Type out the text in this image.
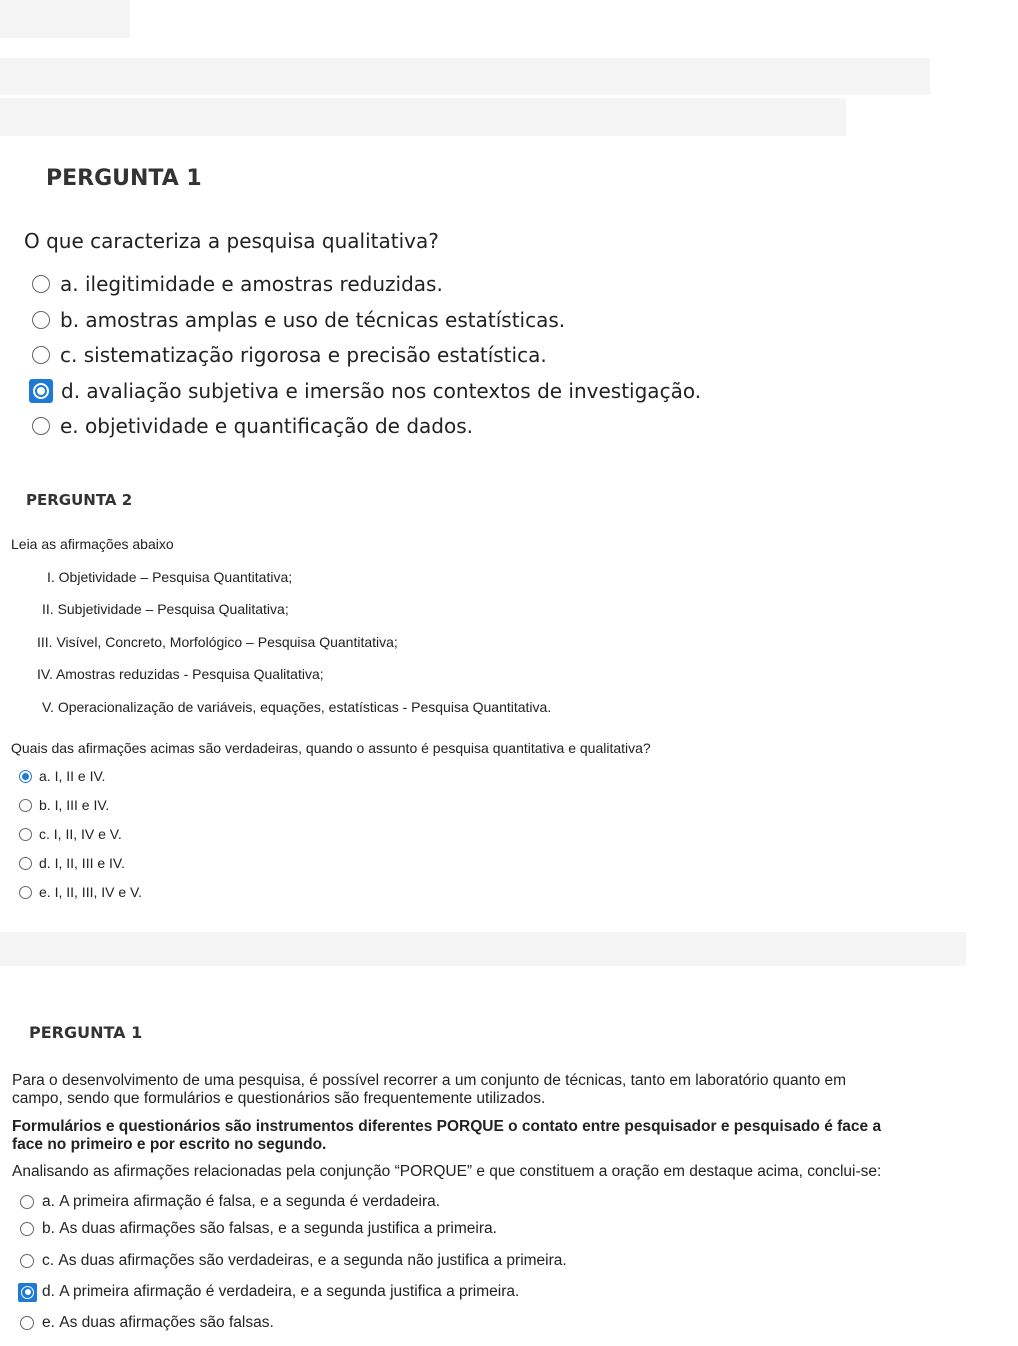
PERGUNTA 1
O que caracteriza a pesquisa qualitativa?
a.
ilegitimidade e amostras reduzidas.
b.
amostras amplas e uso de técnicas estatísticas.
c.
sistematização rigorosa e precisão estatística.
d.
avaliação subjetiva e imersão nos contextos de investigação.
e.
objetividade e quantificação de dados.
PERGUNTA 2
Leia as afirmações abaixo
I. Objetividade – Pesquisa Quantitativa;
II. Subjetividade – Pesquisa Qualitativa;
III. Visível, Concreto, Morfológico – Pesquisa Quantitativa;
IV. Amostras reduzidas - Pesquisa Qualitativa;
V. Operacionalização de variáveis, equações, estatísticas - Pesquisa Quantitativa.
Quais das afirmações acimas são verdadeiras, quando o assunto é pesquisa quantitativa e qualitativa?
a.
I, II e IV.
b.
I, III e IV.
c.
I, II, IV e V.
d.
I, II, III e IV.
e.
I, II, III, IV e V.
PERGUNTA 1
Para o desenvolvimento de uma pesquisa, é possível recorrer a um conjunto de técnicas, tanto em laboratório quanto em
campo, sendo que formulários e questionários são frequentemente utilizados.
Formulários e questionários são instrumentos diferentes PORQUE o contato entre pesquisador e pesquisado é face a
face no primeiro e por escrito no segundo.
Analisando as afirmações relacionadas pela conjunção “PORQUE” e que constituem a oração em destaque acima, conclui-se:
a.
A primeira afirmação é falsa, e a segunda é verdadeira.
b.
As duas afirmações são falsas, e a segunda justifica a primeira.
c.
As duas afirmações são verdadeiras, e a segunda não justifica a primeira.
d.
A primeira afirmação é verdadeira, e a segunda justifica a primeira.
e.
As duas afirmações são falsas.
